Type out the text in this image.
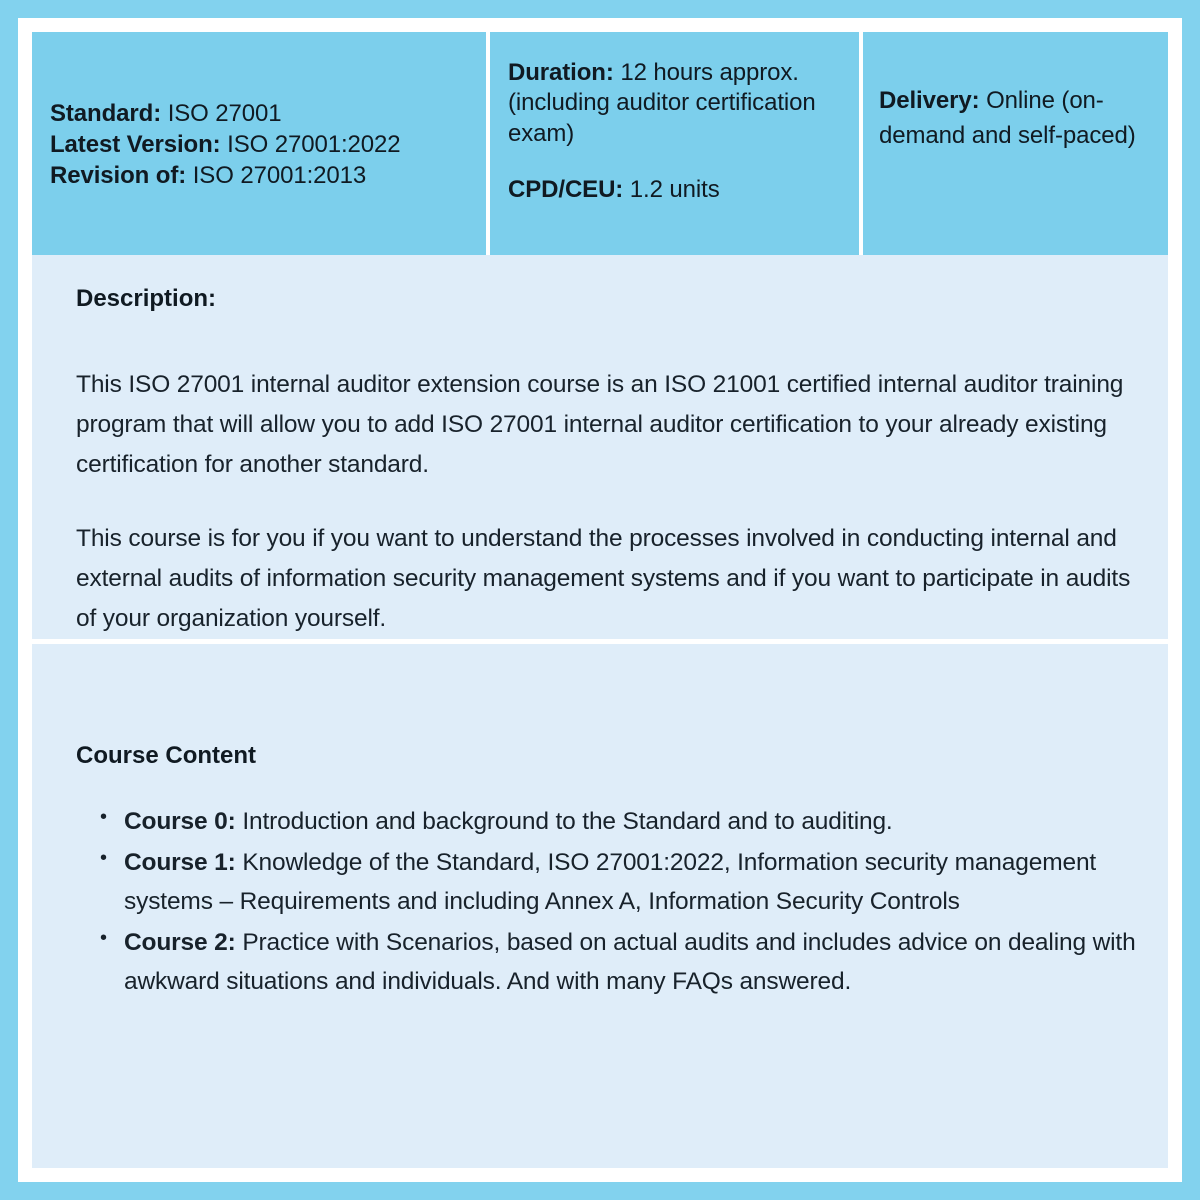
Standard: ISO 27001
Latest Version: ISO 27001:2022
Revision of: ISO 27001:2013
Duration: 12 hours approx. (including auditor certification exam)
CPD/CEU: 1.2 units
Delivery: Online (on-demand and self-paced)
Description:

This ISO 27001 internal auditor extension course is an ISO 21001 certified internal auditor training program that will allow you to add ISO 27001 internal auditor certification to your already existing certification for another standard.

This course is for you if you want to understand the processes involved in conducting internal and external audits of information security management systems and if you want to participate in audits of your organization yourself.

Course Content
• Course 0: Introduction and background to the Standard and to auditing.
• Course 1: Knowledge of the Standard, ISO 27001:2022, Information security management systems – Requirements and including Annex A, Information Security Controls
• Course 2: Practice with Scenarios, based on actual audits and includes advice on dealing with awkward situations and individuals. And with many FAQs answered.
